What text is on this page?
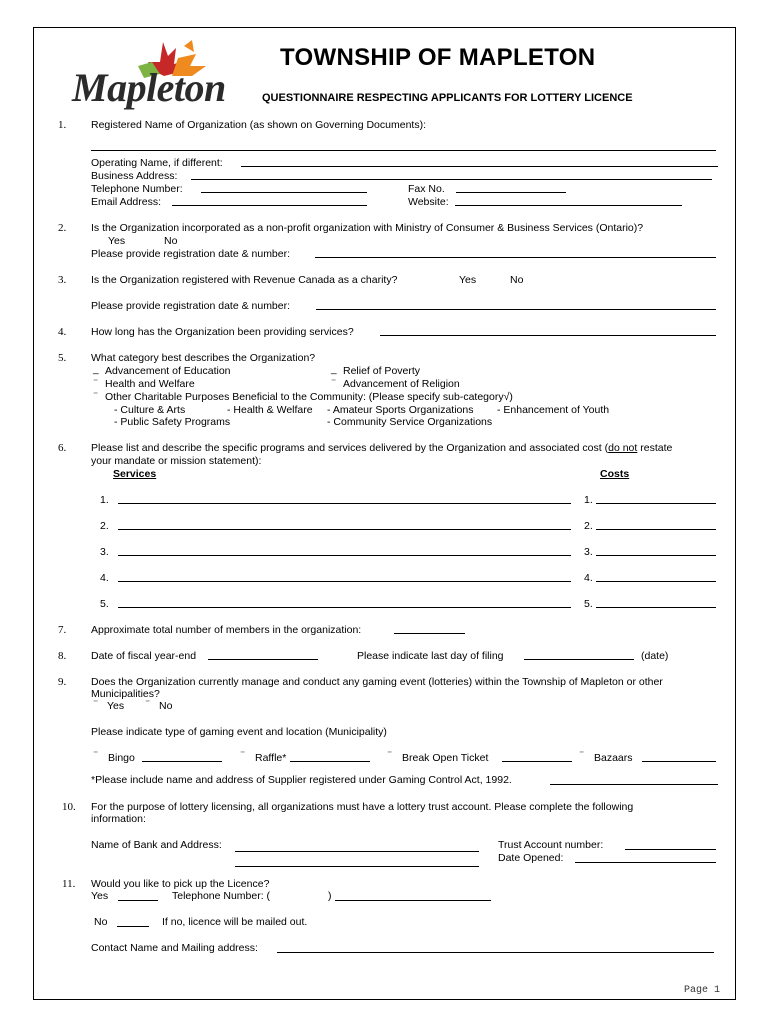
Mapleton
TOWNSHIP OF MAPLETON
QUESTIONNAIRE RESPECTING APPLICANTS FOR LOTTERY LICENCE
1. Registered Name of Organization (as shown on Governing Documents):
Operating Name, if different:
Business Address:
Telephone Number:	Fax No.
Email Address:	Website:
2. Is the Organization incorporated as a non-profit organization with Ministry of Consumer & Business Services (Ontario)?
Yes	No
Please provide registration date & number:
3. Is the Organization registered with Revenue Canada as a charity?	Yes	No
Please provide registration date & number:
4. How long has the Organization been providing services?
5. What category best describes the Organization?
_ Advancement of Education	_ Relief of Poverty
⁻ Health and Welfare	⁻ Advancement of Religion
⁻ Other Charitable Purposes Beneficial to the Community: (Please specify sub-category√)
- Culture & Arts	- Health & Welfare - Amateur Sports Organizations - Enhancement of Youth
- Public Safety Programs	- Community Service Organizations
6. Please list and describe the specific programs and services delivered by the Organization and associated cost (do not restate
your mandate or mission statement):
Services	Costs
1.	1.
2.	2.
3.	3.
4.	4.
5.	5.
7. Approximate total number of members in the organization:
8. Date of fiscal year-end	Please indicate last day of filing	(date)
9. Does the Organization currently manage and conduct any gaming event (lotteries) within the Township of Mapleton or other
Municipalities?
⁻ Yes ⁻ No
Please indicate type of gaming event and location (Municipality)
⁻ Bingo	⁻ Raffle*	⁻ Break Open Ticket	⁻ Bazaars
*Please include name and address of Supplier registered under Gaming Control Act, 1992.
10. For the purpose of lottery licensing, all organizations must have a lottery trust account. Please complete the following
information:
Name of Bank and Address:	Trust Account number:
Date Opened:
11. Would you like to pick up the Licence?
Yes	Telephone Number: (	)
No	If no, licence will be mailed out.
Contact Name and Mailing address:
Page 1
